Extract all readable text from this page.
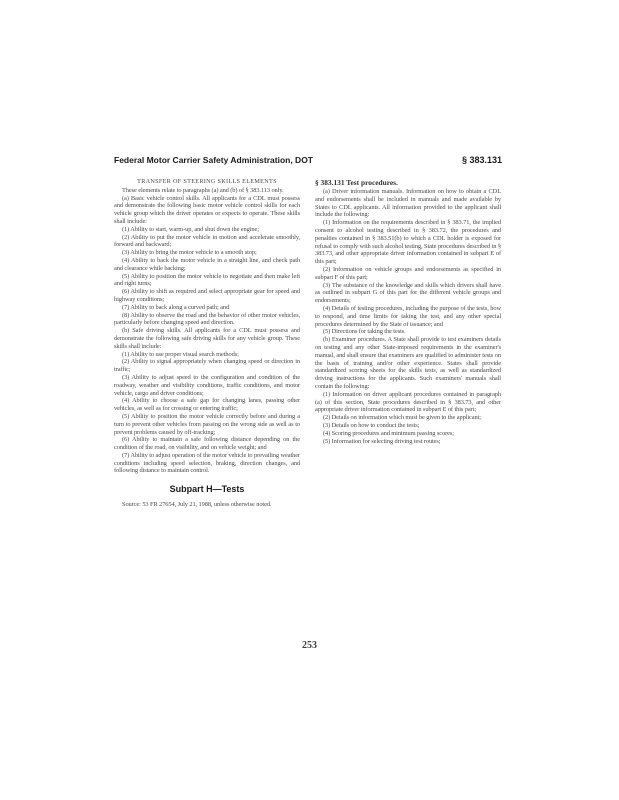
Federal Motor Carrier Safety Administration, DOT	§ 383.131

TRANSFER OF STEERING SKILLS ELEMENTS

These elements relate to paragraphs (a) and (b) of § 383.113 only.

(a) Basic vehicle control skills. All applicants for a CDL must possess and demonstrate the following basic motor vehicle control skills for each vehicle group which the driver operates or expects to operate. These skills shall include:

(1) Ability to start, warm-up, and shut down the engine;

(2) Ability to put the motor vehicle in motion and accelerate smoothly, forward and backward;

(3) Ability to bring the motor vehicle to a smooth stop;

(4) Ability to back the motor vehicle in a straight line, and check path and clearance while backing;

(5) Ability to position the motor vehicle to negotiate and then make left and right turns;

(6) Ability to shift as required and select appropriate gear for speed and highway conditions;

(7) Ability to back along a curved path; and

(8) Ability to observe the road and the behavior of other motor vehicles, particularly before changing speed and direction.

(b) Safe driving skills. All applicants for a CDL must possess and demonstrate the following safe driving skills for any vehicle group. These skills shall include:

(1) Ability to use proper visual search methods;

(2) Ability to signal appropriately when changing speed or direction in traffic;

(3) Ability to adjust speed to the configuration and condition of the roadway, weather and visibility conditions, traffic conditions, and motor vehicle, cargo and driver conditions;

(4) Ability to choose a safe gap for changing lanes, passing other vehicles, as well as for crossing or entering traffic;

(5) Ability to position the motor vehicle correctly before and during a turn to prevent other vehicles from passing on the wrong side as well as to prevent problems caused by off-tracking;

(6) Ability to maintain a safe following distance depending on the condition of the road, on visibility, and on vehicle weight; and

(7) Ability to adjust operation of the motor vehicle to prevailing weather conditions including speed selection, braking, direction changes, and following distance to maintain control.

Subpart H—Tests

Source: 53 FR 27654, July 21, 1988, unless otherwise noted.

§ 383.131 Test procedures.

(a) Driver information manuals. Information on how to obtain a CDL and endorsements shall be included in manuals and made available by States to CDL applicants. All information provided to the applicant shall include the following:

(1) Information on the requirements described in § 383.71, the implied consent to alcohol testing described in § 383.72, the procedures and penalties contained in § 383.51(b) to which a CDL holder is exposed for refusal to comply with such alcohol testing, State procedures described in § 383.73, and other appropriate driver information contained in subpart E of this part;

(2) Information on vehicle groups and endorsements as specified in subpart F of this part;

(3) The substance of the knowledge and skills which drivers shall have as outlined in subpart G of this part for the different vehicle groups and endorsements;

(4) Details of testing procedures, including the purpose of the tests, how to respond, and time limits for taking the test, and any other special procedures determined by the State of issuance; and

(5) Directions for taking the tests.

(b) Examiner procedures. A State shall provide to test examiners details on testing and any other State-imposed requirements in the examiner's manual, and shall ensure that examiners are qualified to administer tests on the basis of training and/or other experience. States shall provide standardized scoring sheets for the skills tests, as well as standardized driving instructions for the applicants. Such examiners' manuals shall contain the following:

(1) Information on driver applicant procedures contained in paragraph (a) of this section, State procedures described in § 383.73, and other appropriate driver information contained in subpart E of this part;

(2) Details on information which must be given to the applicant;

(3) Details on how to conduct the tests;

(4) Scoring procedures and minimum passing scores;

(5) Information for selecting driving test routes;

253
